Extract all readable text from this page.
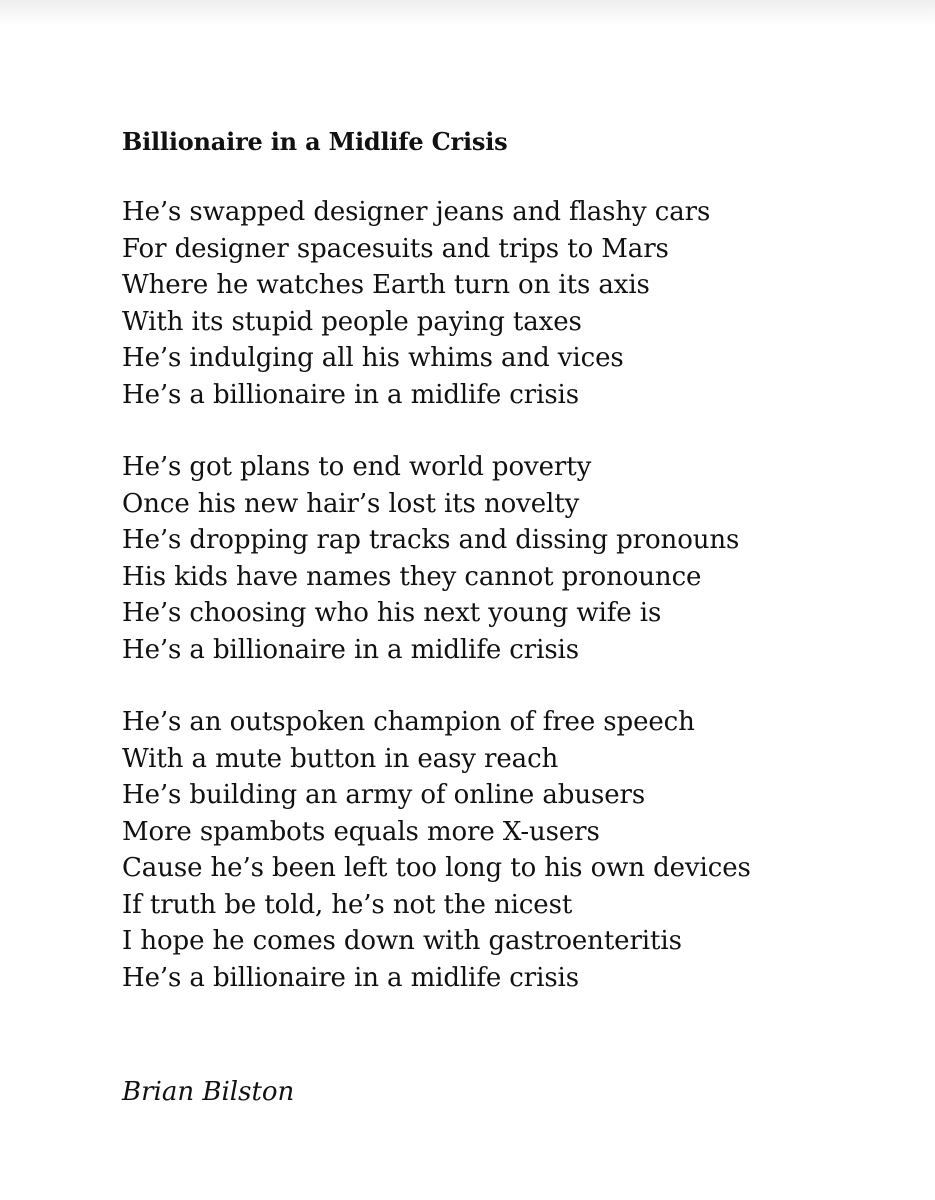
Billionaire in a Midlife Crisis
He’s swapped designer jeans and flashy cars
For designer spacesuits and trips to Mars
Where he watches Earth turn on its axis
With its stupid people paying taxes
He’s indulging all his whims and vices
He’s a billionaire in a midlife crisis
He’s got plans to end world poverty
Once his new hair’s lost its novelty
He’s dropping rap tracks and dissing pronouns
His kids have names they cannot pronounce
He’s choosing who his next young wife is
He’s a billionaire in a midlife crisis
He’s an outspoken champion of free speech
With a mute button in easy reach
He’s building an army of online abusers
More spambots equals more X-users
Cause he’s been left too long to his own devices
If truth be told, he’s not the nicest
I hope he comes down with gastroenteritis
He’s a billionaire in a midlife crisis
Brian Bilston
